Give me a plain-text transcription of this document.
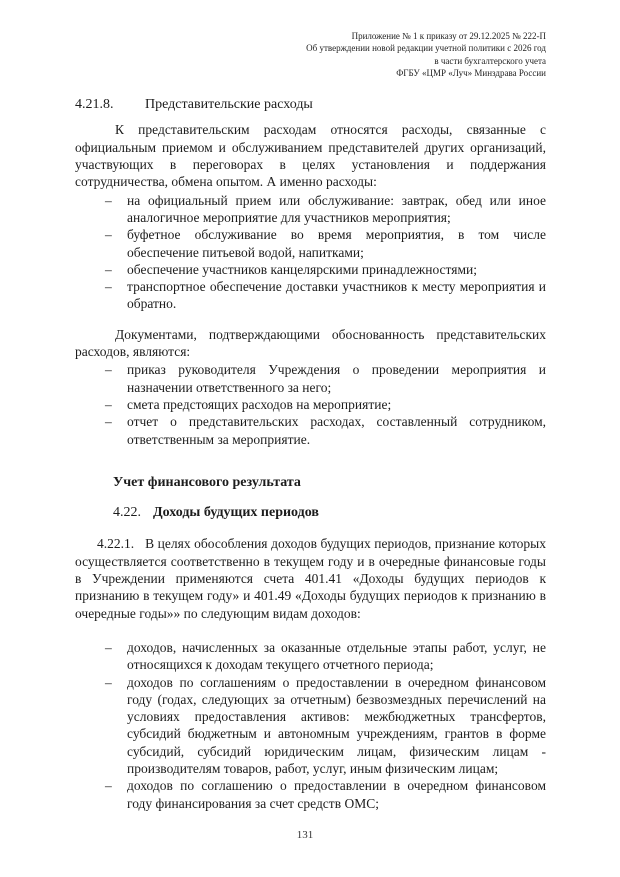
Приложение № 1 к приказу от 29.12.2025 № 222-П
Об утверждении новой редакции учетной политики с 2026 год
в части бухгалтерского учета
ФГБУ «ЦМР «Луч» Минздрава России
4.21.8. Представительские расходы

К представительским расходам относятся расходы, связанные с официальным приемом и обслуживанием представителей других организаций, участвующих в переговорах в целях установления и поддержания сотрудничества, обмена опытом. А именно расходы:

–	на официальный прием или обслуживание: завтрак, обед или иное аналогичное мероприятие для участников мероприятия;
–	буфетное обслуживание во время мероприятия, в том числе обеспечение питьевой водой, напитками;
–	обеспечение участников канцелярскими принадлежностями;
–	транспортное обеспечение доставки участников к месту мероприятия и обратно.

Документами, подтверждающими обоснованность представительских расходов, являются:

–	приказ руководителя Учреждения о проведении мероприятия и назначении ответственного за него;
–	смета предстоящих расходов на мероприятие;
–	отчет о представительских расходах, составленный сотрудником, ответственным за мероприятие.
Учет финансового результата
4.22. Доходы будущих периодов

4.22.1. В целях обособления доходов будущих периодов, признание которых осуществляется соответственно в текущем году и в очередные финансовые годы в Учреждении применяются счета 401.41 «Доходы будущих периодов к признанию в текущем году» и 401.49 «Доходы будущих периодов к признанию в очередные годы»» по следующим видам доходов:

–	доходов, начисленных за оказанные отдельные этапы работ, услуг, не относящихся к доходам текущего отчетного периода;
–	доходов по соглашениям о предоставлении в очередном финансовом году (годах, следующих за отчетным) безвозмездных перечислений на условиях предоставления активов: межбюджетных трансфертов, субсидий бюджетным и автономным учреждениям, грантов в форме субсидий, субсидий юридическим лицам, физическим лицам - производителям товаров, работ, услуг, иным физическим лицам;
–	доходов по соглашению о предоставлении в очередном финансовом году финансирования за счет средств ОМС;
131
